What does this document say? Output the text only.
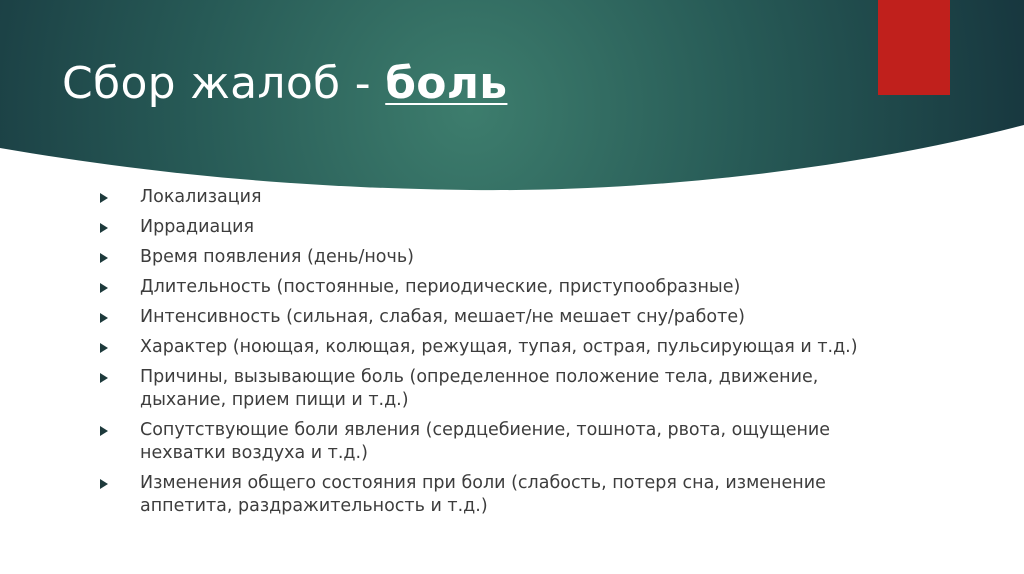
Сбор жалоб - боль
Локализация
Иррадиация
Время появления (день/ночь)
Длительность (постоянные, периодические, приступообразные)
Интенсивность (сильная, слабая, мешает/не мешает сну/работе)
Характер (ноющая, колющая, режущая, тупая, острая, пульсирующая и т.д.)
Причины, вызывающие боль (определенное положение тела, движение, дыхание, прием пищи и т.д.)
Сопутствующие боли явления (сердцебиение, тошнота, рвота, ощущение нехватки воздуха и т.д.)
Изменения общего состояния при боли (слабость, потеря сна, изменение аппетита, раздражительность и т.д.)
